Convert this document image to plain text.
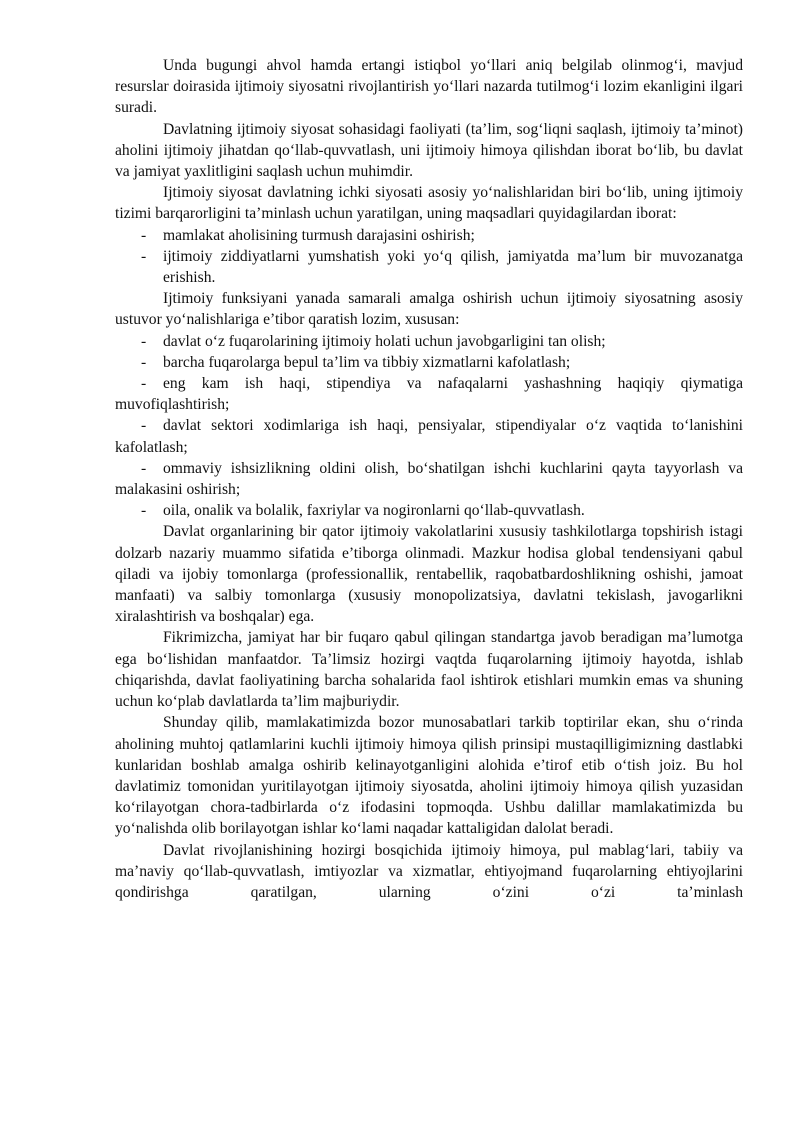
Unda bugungi ahvol hamda ertangi istiqbol yo‘llari aniq belgilab olinmog‘i, mavjud resurslar doirasida ijtimoiy siyosatni rivojlantirish yo‘llari nazarda tutilmog‘i lozim ekanligini ilgari suradi.

Davlatning ijtimoiy siyosat sohasidagi faoliyati (ta’lim, sog‘liqni saqlash, ijtimoiy ta’minot) aholini ijtimoiy jihatdan qo‘llab-quvvatlash, uni ijtimoiy himoya qilishdan iborat bo‘lib, bu davlat va jamiyat yaxlitligini saqlash uchun muhimdir.

Ijtimoiy siyosat davlatning ichki siyosati asosiy yo‘nalishlaridan biri bo‘lib, uning ijtimoiy tizimi barqarorligini ta’minlash uchun yaratilgan, uning maqsadlari quyidagilardan iborat:

- mamlakat aholisining turmush darajasini oshirish;
- ijtimoiy ziddiyatlarni yumshatish yoki yo‘q qilish, jamiyatda ma’lum bir muvozanatga erishish.

Ijtimoiy funksiyani yanada samarali amalga oshirish uchun ijtimoiy siyosatning asosiy ustuvor yo‘nalishlariga e’tibor qaratish lozim, xususan:

- davlat o‘z fuqarolarining ijtimoiy holati uchun javobgarligini tan olish;
- barcha fuqarolarga bepul ta’lim va tibbiy xizmatlarni kafolatlash;
- eng kam ish haqi, stipendiya va nafaqalarni yashashning haqiqiy qiymatiga muvofiqlashtirish;
- davlat sektori xodimlariga ish haqi, pensiyalar, stipendiyalar o‘z vaqtida to‘lanishini kafolatlash;
- ommaviy ishsizlikning oldini olish, bo‘shatilgan ishchi kuchlarini qayta tayyorlash va malakasini oshirish;
- oila, onalik va bolalik, faxriylar va nogironlarni qo‘llab-quvvatlash.

Davlat organlarining bir qator ijtimoiy vakolatlarini xususiy tashkilotlarga topshirish istagi dolzarb nazariy muammo sifatida e’tiborga olinmadi. Mazkur hodisa global tendensiyani qabul qiladi va ijobiy tomonlarga (professionallik, rentabellik, raqobatbardoshlikning oshishi, jamoat manfaati) va salbiy tomonlarga (xususiy monopolizatsiya, davlatni tekislash, javogarlikni xiralashtirish va boshqalar) ega.

Fikrimizcha, jamiyat har bir fuqaro qabul qilingan standartga javob beradigan ma’lumotga ega bo‘lishidan manfaatdor. Ta’limsiz hozirgi vaqtda fuqarolarning ijtimoiy hayotda, ishlab chiqarishda, davlat faoliyatining barcha sohalarida faol ishtirok etishlari mumkin emas va shuning uchun ko‘plab davlatlarda ta’lim majburiydir.

Shunday qilib, mamlakatimizda bozor munosabatlari tarkib toptirilar ekan, shu o‘rinda aholining muhtoj qatlamlarini kuchli ijtimoiy himoya qilish prinsipi mustaqilligimizning dastlabki kunlaridan boshlab amalga oshirib kelinayotganligini alohida e’tirof etib o‘tish joiz. Bu hol davlatimiz tomonidan yuritilayotgan ijtimoiy siyosatda, aholini ijtimoiy himoya qilish yuzasidan ko‘rilayotgan chora-tadbirlarda o‘z ifodasini topmoqda. Ushbu dalillar mamlakatimizda bu yo‘nalishda olib borilayotgan ishlar ko‘lami naqadar kattaligidan dalolat beradi.

Davlat rivojlanishining hozirgi bosqichida ijtimoiy himoya, pul mablag‘lari, tabiiy va ma’naviy qo‘llab-quvvatlash, imtiyozlar va xizmatlar, ehtiyojmand fuqarolarning ehtiyojlarini qondirishga qaratilgan, ularning o‘zini o‘zi ta’minlash
